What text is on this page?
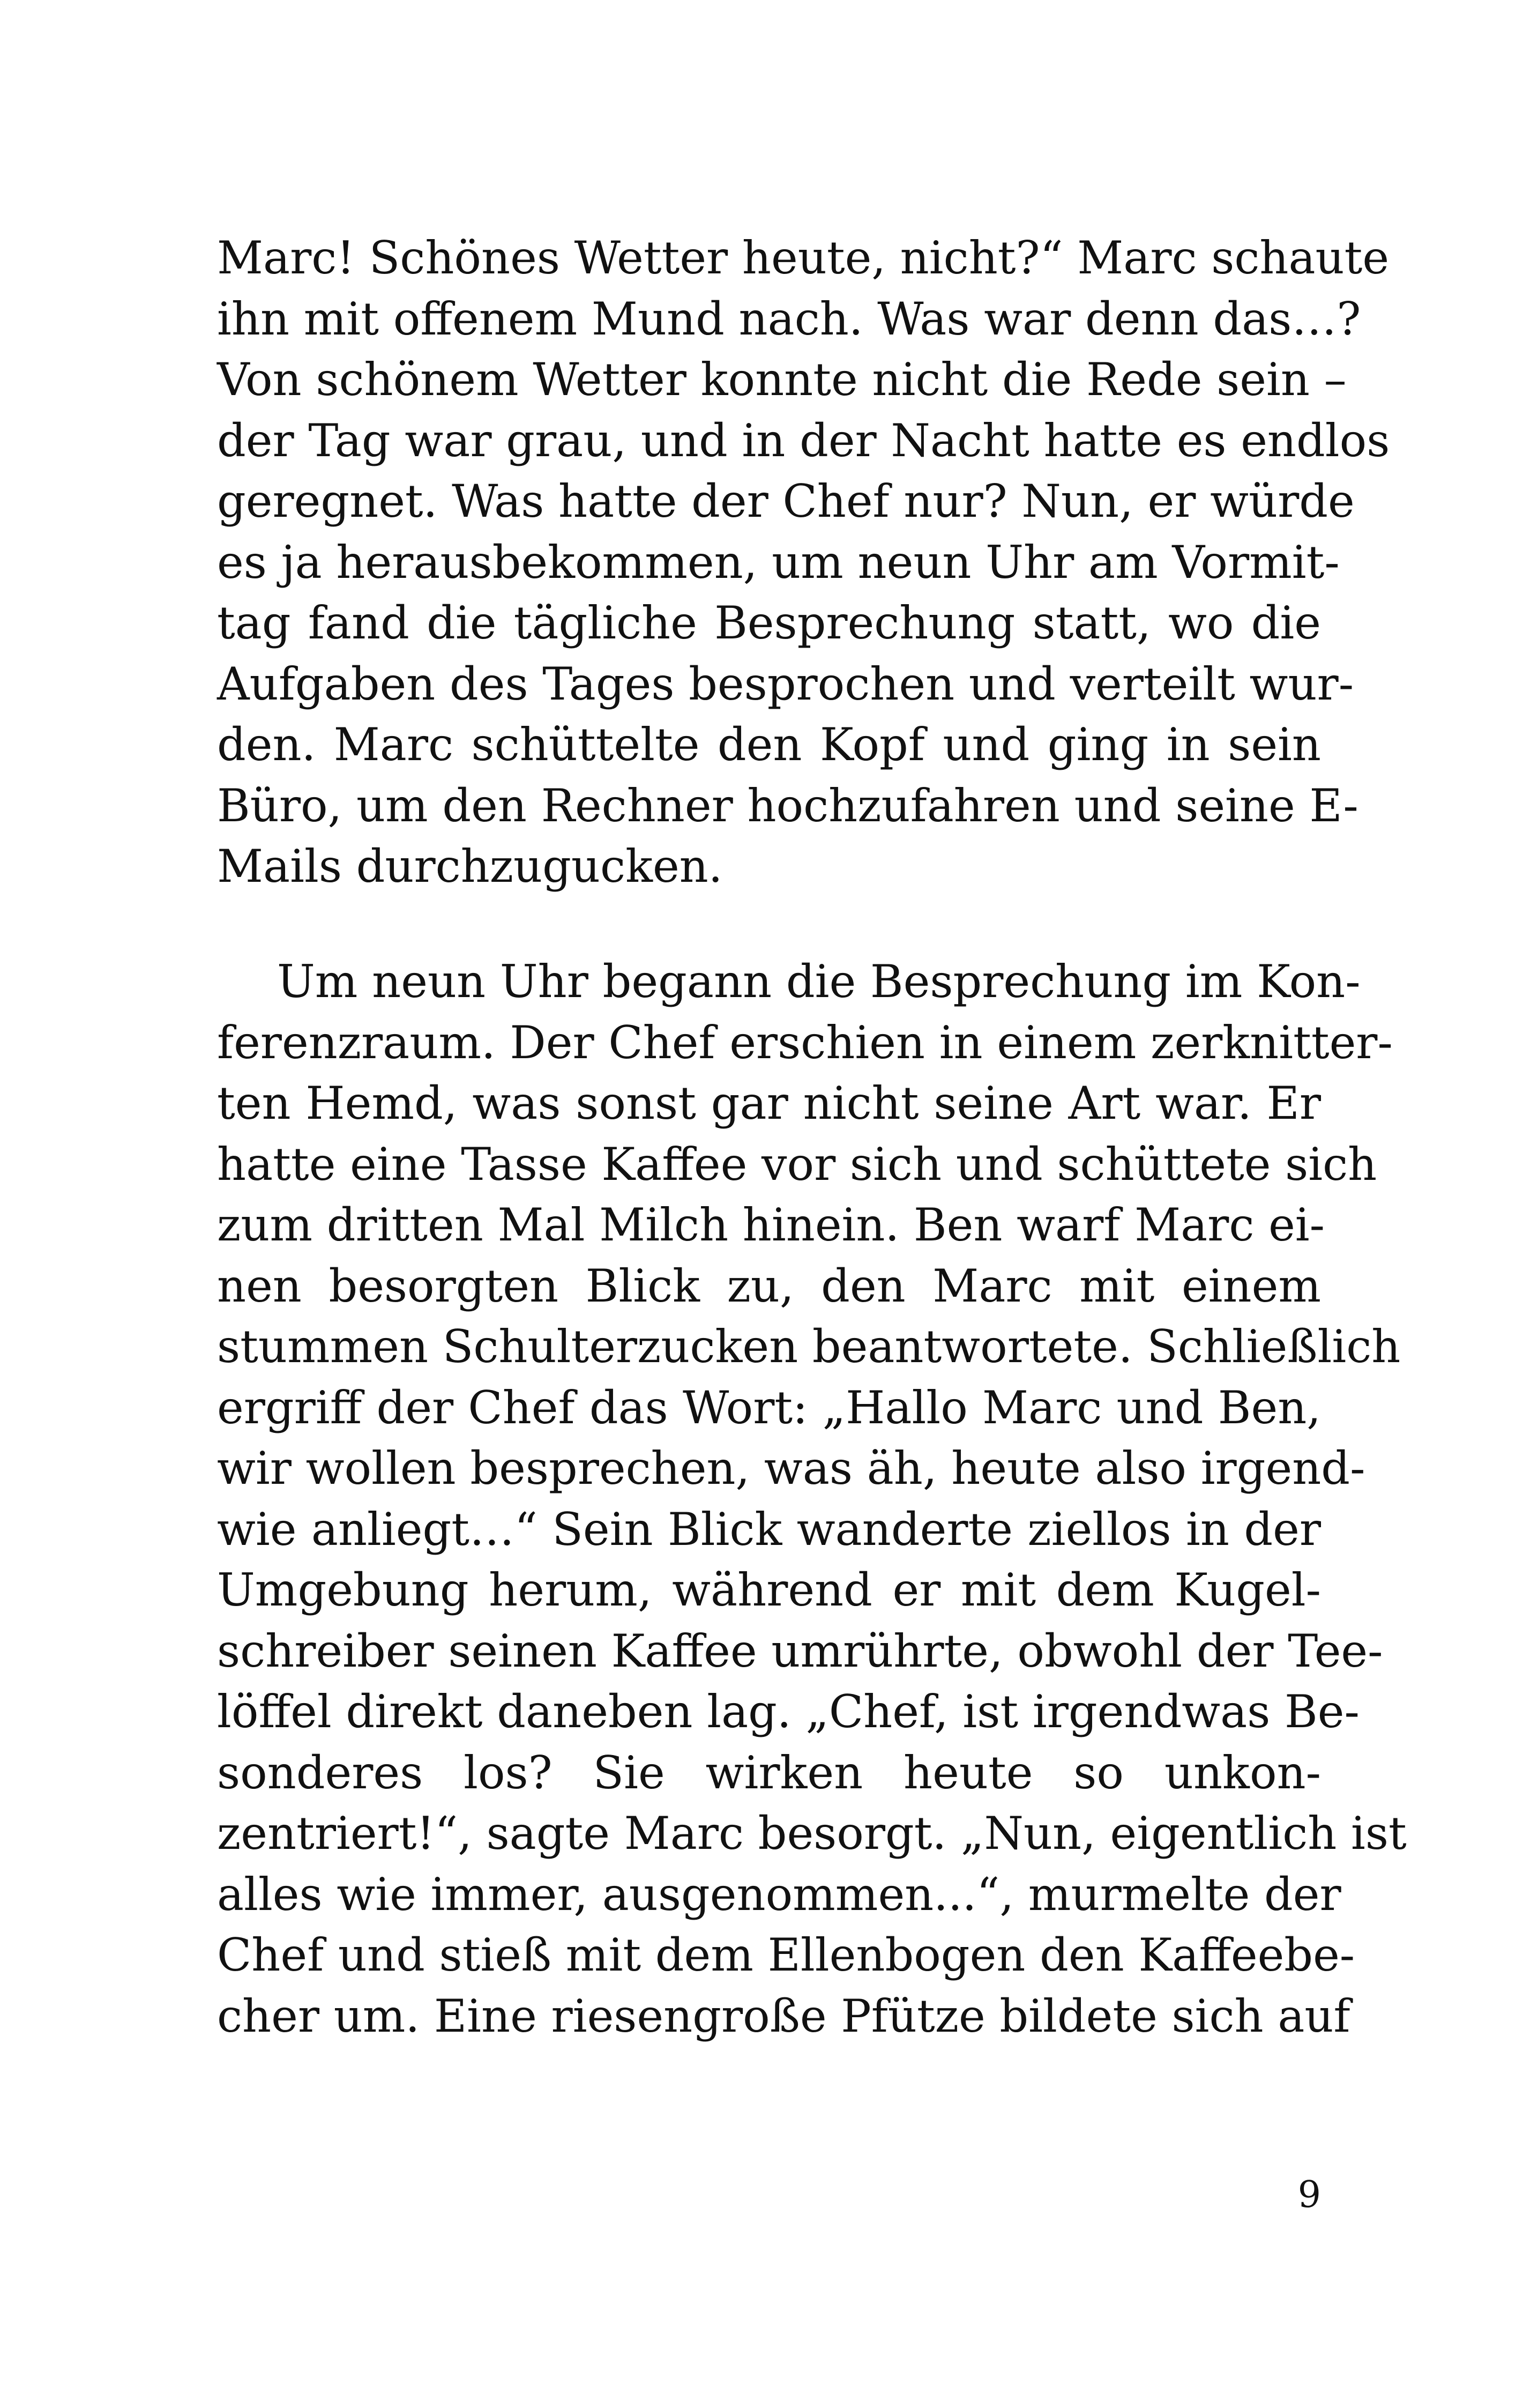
Marc! Schönes Wetter heute, nicht?“ Marc schaute
ihn mit offenem Mund nach. Was war denn das…?
Von schönem Wetter konnte nicht die Rede sein –
der Tag war grau, und in der Nacht hatte es endlos
geregnet. Was hatte der Chef nur? Nun, er würde
es ja herausbekommen, um neun Uhr am Vormit-
tag fand die tägliche Besprechung statt, wo die
Aufgaben des Tages besprochen und verteilt wur-
den. Marc schüttelte den Kopf und ging in sein
Büro, um den Rechner hochzufahren und seine E-
Mails durchzugucken.
Um neun Uhr begann die Besprechung im Kon-
ferenzraum. Der Chef erschien in einem zerknitter-
ten Hemd, was sonst gar nicht seine Art war. Er
hatte eine Tasse Kaffee vor sich und schüttete sich
zum dritten Mal Milch hinein. Ben warf Marc ei-
nen besorgten Blick zu, den Marc mit einem
stummen Schulterzucken beantwortete. Schließlich
ergriff der Chef das Wort: „Hallo Marc und Ben,
wir wollen besprechen, was äh, heute also irgend-
wie anliegt…“ Sein Blick wanderte ziellos in der
Umgebung herum, während er mit dem Kugel-
schreiber seinen Kaffee umrührte, obwohl der Tee-
löffel direkt daneben lag. „Chef, ist irgendwas Be-
sonderes los? Sie wirken heute so unkon-
zentriert!“, sagte Marc besorgt. „Nun, eigentlich ist
alles wie immer, ausgenommen...“, murmelte der
Chef und stieß mit dem Ellenbogen den Kaffeebe-
cher um. Eine riesengroße Pfütze bildete sich auf
9
